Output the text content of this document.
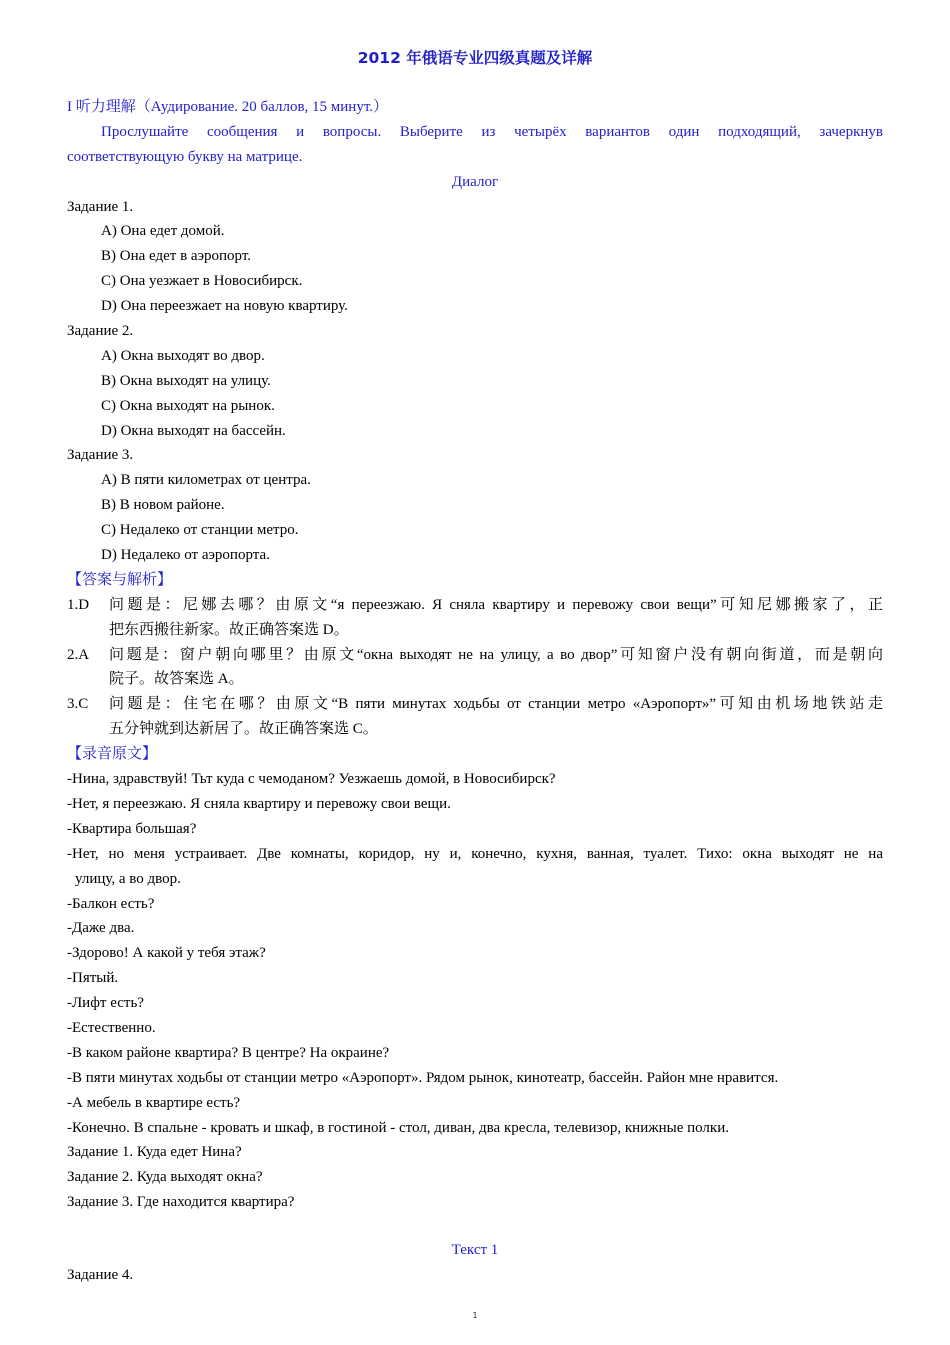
2012 年俄语专业四级真题及详解
I 听力理解（Аудирование. 20 баллов, 15 минут.）
Прослушайте сообщения и вопросы. Выберите из четырёх вариантов один подходящий, зачеркнув
соответствующую букву на матрице.
Диалог
Задание 1.
A) Она едет домой.
B) Она едет в аэропорт.
C) Она уезжает в Новосибирск.
D) Она переезжает на новую квартиру.
Задание 2.
A) Окна выходят во двор.
B) Окна выходят на улицу.
C) Окна выходят на рынок.
D) Окна выходят на бассейн.
Задание 3.
A) В пяти километрах от центра.
B) В новом районе.
C) Недалеко от станции метро.
D) Недалеко от аэропорта.
【答案与解析】
1.D	问题是：尼娜去哪？由原文“я переезжаю. Я сняла квартиру и перевожу свои вещи”可知尼娜搬家了，正
把东西搬往新家。故正确答案选 D。
2.A	问题是：窗户朝向哪里？由原文“окна выходят не на улицу, а во двор”可知窗户没有朝向街道，而是朝向
院子。故答案选 A。
3.C	问题是：住宅在哪？由原文“В пяти минутах ходьбы от станции метро «Аэропорт»”可知由机场地铁站走
五分钟就到达新居了。故正确答案选 C。
【录音原文】
-Нина, здравствуй! Тьт куда с чемоданом? Уезжаешь домой, в Новосибирск?
-Нет, я переезжаю. Я сняла квартиру и перевожу свои вещи.
-Квартира большая?
-Нет, но меня устраивает. Две комнаты, коридор, ну и, конечно, кухня, ванная, туалет. Тихо: окна выходят не на
улицу, а во двор.
-Балкон есть?
-Даже два.
-Здорово! А какой у тебя этаж?
-Пятый.
-Лифт есть?
-Естественно.
-В каком районе квартира? В центре? На окраине?
-В пяти минутах ходьбы от станции метро «Аэропорт». Рядом рынок, кинотеатр, бассейн. Район мне нравится.
-А мебель в квартире есть?
-Конечно. В спальне - кровать и шкаф, в гостиной - стол, диван, два кресла, телевизор, книжные полки.
Задание 1. Куда едет Нина?
Задание 2. Куда выходят окна?
Задание 3. Где находится квартира?
Текст 1
Задание 4.
1
